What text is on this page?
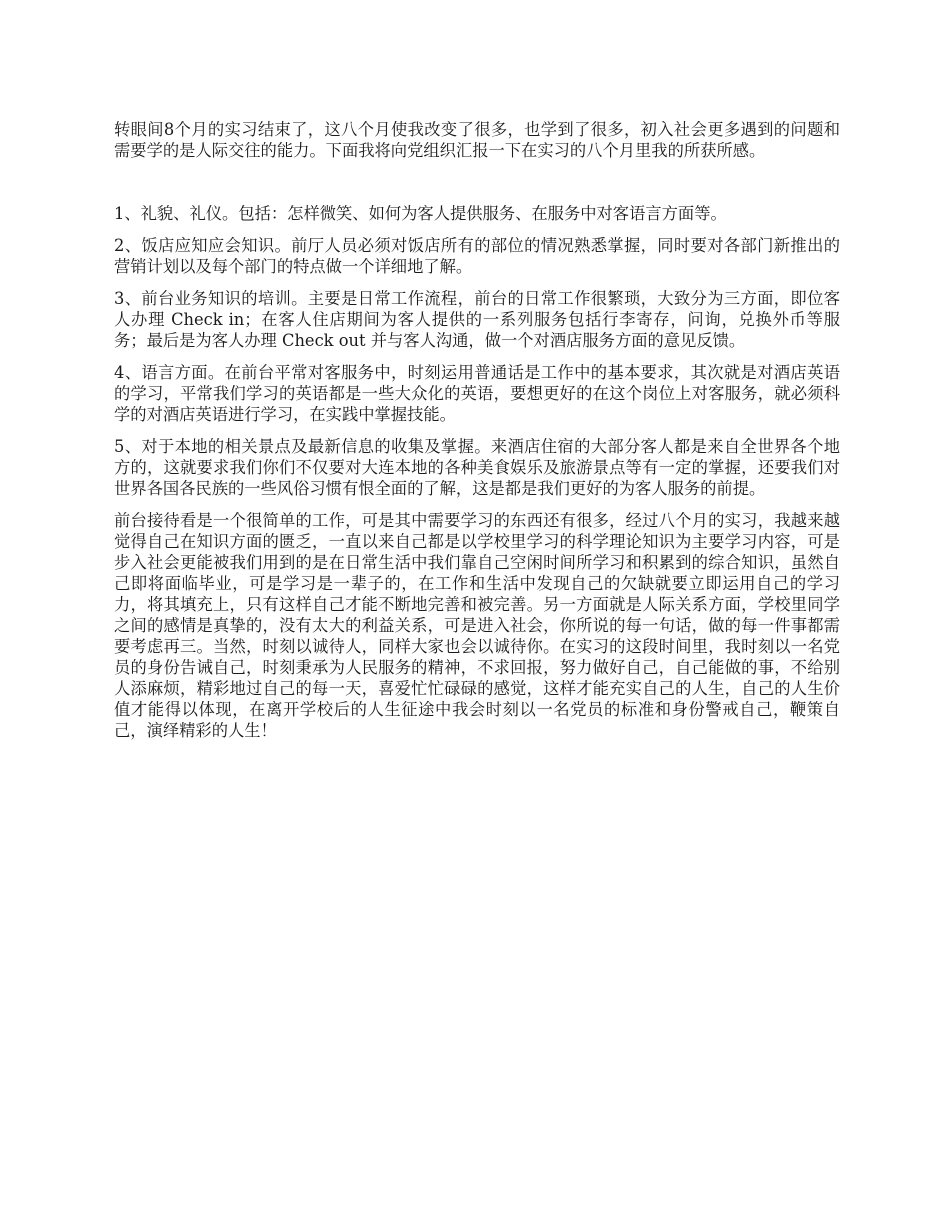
转眼间8个月的实习结束了，这八个月使我改变了很多，也学到了很多，初入社会更多遇到的问题和需要学的是人际交往的能力。下面我将向党组织汇报一下在实习的八个月里我的所获所感。

1、礼貌、礼仪。包括：怎样微笑、如何为客人提供服务、在服务中对客语言方面等。

2、饭店应知应会知识。前厅人员必须对饭店所有的部位的情况熟悉掌握，同时要对各部门新推出的营销计划以及每个部门的特点做一个详细地了解。

3、前台业务知识的培训。主要是日常工作流程，前台的日常工作很繁琐，大致分为三方面，即位客人办理 Check in；在客人住店期间为客人提供的一系列服务包括行李寄存，问询，兑换外币等服务；最后是为客人办理 Check out 并与客人沟通，做一个对酒店服务方面的意见反馈。

4、语言方面。在前台平常对客服务中，时刻运用普通话是工作中的基本要求，其次就是对酒店英语的学习，平常我们学习的英语都是一些大众化的英语，要想更好的在这个岗位上对客服务，就必须科学的对酒店英语进行学习，在实践中掌握技能。

5、对于本地的相关景点及最新信息的收集及掌握。来酒店住宿的大部分客人都是来自全世界各个地方的，这就要求我们你们不仅要对大连本地的各种美食娱乐及旅游景点等有一定的掌握，还要我们对世界各国各民族的一些风俗习惯有恨全面的了解，这是都是我们更好的为客人服务的前提。

前台接待看是一个很简单的工作，可是其中需要学习的东西还有很多，经过八个月的实习，我越来越觉得自己在知识方面的匮乏，一直以来自己都是以学校里学习的科学理论知识为主要学习内容，可是步入社会更能被我们用到的是在日常生活中我们靠自己空闲时间所学习和积累到的综合知识，虽然自己即将面临毕业，可是学习是一辈子的，在工作和生活中发现自己的欠缺就要立即运用自己的学习力，将其填充上，只有这样自己才能不断地完善和被完善。另一方面就是人际关系方面，学校里同学之间的感情是真挚的，没有太大的利益关系，可是进入社会，你所说的每一句话，做的每一件事都需要考虑再三。当然，时刻以诚待人，同样大家也会以诚待你。在实习的这段时间里，我时刻以一名党员的身份告诫自己，时刻秉承为人民服务的精神，不求回报，努力做好自己，自己能做的事，不给别人添麻烦，精彩地过自己的每一天，喜爱忙忙碌碌的感觉，这样才能充实自己的人生，自己的人生价值才能得以体现，在离开学校后的人生征途中我会时刻以一名党员的标准和身份警戒自己，鞭策自己，演绎精彩的人生！
